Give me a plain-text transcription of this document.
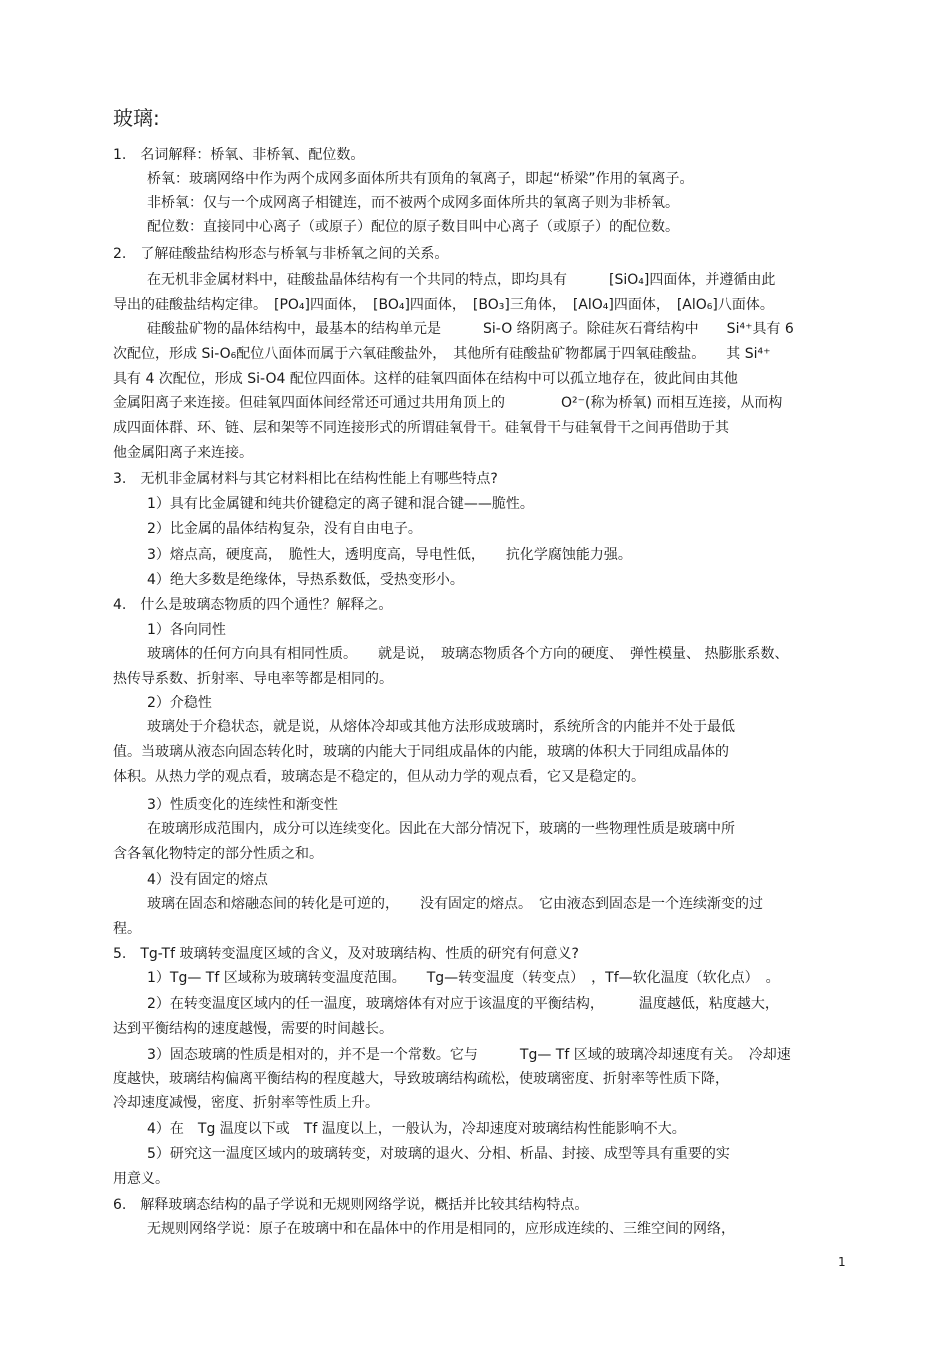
玻璃:
1.　名词解释：桥氧、非桥氧、配位数。
桥氧：玻璃网络中作为两个成网多面体所共有顶角的氧离子，即起“桥梁”作用的氧离子。
非桥氧：仅与一个成网离子相键连，而不被两个成网多面体所共的氧离子则为非桥氧。
配位数：直接同中心离子（或原子）配位的原子数目叫中心离子（或原子）的配位数。
2.　了解硅酸盐结构形态与桥氧与非桥氧之间的关系。
在无机非金属材料中，硅酸盐晶体结构有一个共同的特点，即均具有　　　[SiO₄]四面体，并遵循由此
导出的硅酸盐结构定律。　[PO₄]四面体，　[BO₄]四面体，　[BO₃]三角体，　[AlO₄]四面体，　[AlO₆]八面体。
硅酸盐矿物的晶体结构中，最基本的结构单元是　　　Si-O 络阴离子。除硅灰石膏结构中　　Si⁴⁺具有 6
次配位，形成 Si-O₆配位八面体而属于六氧硅酸盐外，　其他所有硅酸盐矿物都属于四氧硅酸盐。　　其 Si⁴⁺
具有 4 次配位，形成 Si-O4 配位四面体。这样的硅氧四面体在结构中可以孤立地存在，彼此间由其他
金属阳离子来连接。但硅氧四面体间经常还可通过共用角顶上的　　　　O²⁻(称为桥氧) 而相互连接，从而构
成四面体群、环、链、层和架等不同连接形式的所谓硅氧骨干。硅氧骨干与硅氧骨干之间再借助于其
他金属阳离子来连接。
3.　无机非金属材料与其它材料相比在结构性能上有哪些特点?
1）具有比金属键和纯共价键稳定的离子键和混合键——脆性。
2）比金属的晶体结构复杂，没有自由电子。
3）熔点高，硬度高，　脆性大，透明度高，导电性低，　　抗化学腐蚀能力强。
4）绝大多数是绝缘体，导热系数低，受热变形小。
4.　什么是玻璃态物质的四个通性？解释之。
1）各向同性
玻璃体的任何方向具有相同性质。　　就是说，　玻璃态物质各个方向的硬度、　弹性模量、 热膨胀系数、
热传导系数、折射率、导电率等都是相同的。
2）介稳性
玻璃处于介稳状态，就是说，从熔体冷却或其他方法形成玻璃时，系统所含的内能并不处于最低
值。当玻璃从液态向固态转化时，玻璃的内能大于同组成晶体的内能，玻璃的体积大于同组成晶体的
体积。从热力学的观点看，玻璃态是不稳定的，但从动力学的观点看，它又是稳定的。
3）性质变化的连续性和渐变性
在玻璃形成范围内，成分可以连续变化。因此在大部分情况下，玻璃的一些物理性质是玻璃中所
含各氧化物特定的部分性质之和。
4）没有固定的熔点
玻璃在固态和熔融态间的转化是可逆的，　　没有固定的熔点。　它由液态到固态是一个连续渐变的过
程。
5.　Tg-Tf 玻璃转变温度区域的含义，及对玻璃结构、性质的研究有何意义?
1）Tg— Tf 区域称为玻璃转变温度范围。　　Tg—转变温度（转变点）　，Tf—软化温度（软化点）　。
2）在转变温度区域内的任一温度，玻璃熔体有对应于该温度的平衡结构，　　　温度越低，粘度越大，
达到平衡结构的速度越慢，需要的时间越长。
3）固态玻璃的性质是相对的，并不是一个常数。它与　　　Tg— Tf 区域的玻璃冷却速度有关。　冷却速
度越快，玻璃结构偏离平衡结构的程度越大，导致玻璃结构疏松，使玻璃密度、折射率等性质下降，
冷却速度减慢，密度、折射率等性质上升。
4）在　Tg 温度以下或　Tf 温度以上，一般认为，冷却速度对玻璃结构性能影响不大。
5）研究这一温度区域内的玻璃转变，对玻璃的退火、分相、析晶、封接、成型等具有重要的实
用意义。
6.　解释玻璃态结构的晶子学说和无规则网络学说，概括并比较其结构特点。
无规则网络学说：原子在玻璃中和在晶体中的作用是相同的，应形成连续的、三维空间的网络，
1
